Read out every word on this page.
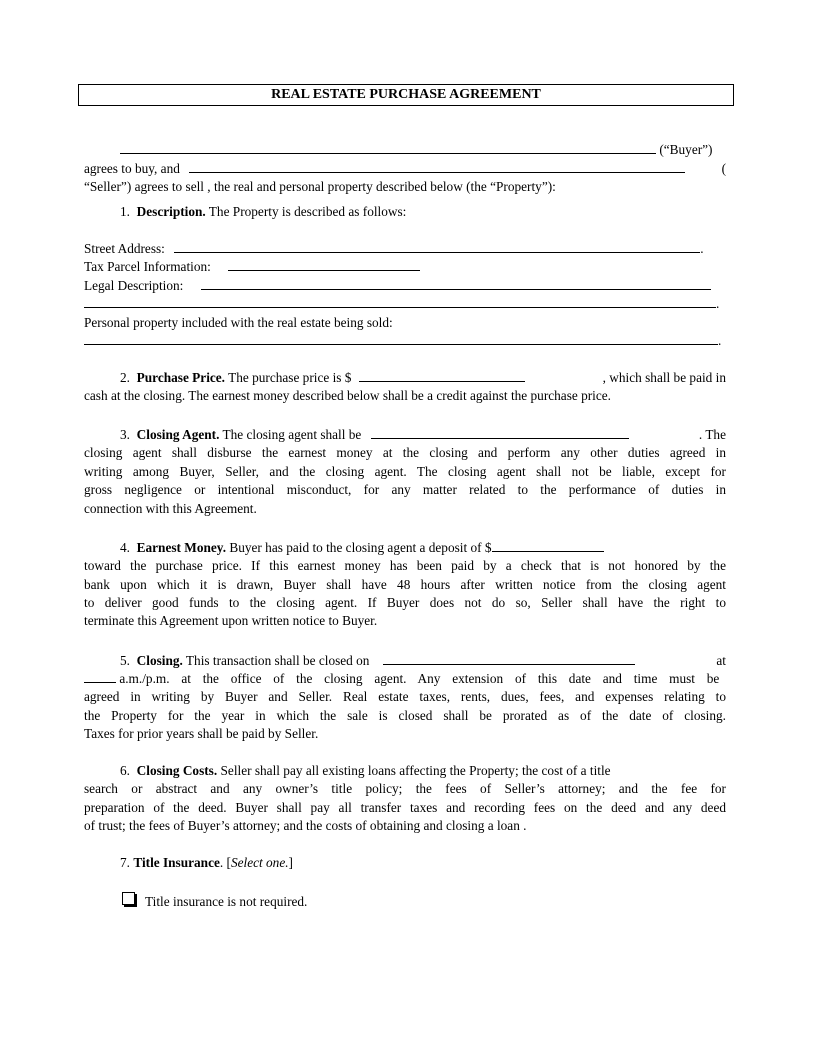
REAL ESTATE PURCHASE AGREEMENT
(“Buyer”)
agrees to buy, and	(
“Seller”) agrees to sell , the real and personal property described below (the “Property”):
1. Description. The Property is described as follows:
Street Address:	.
Tax Parcel Information:
Legal Description:
.
Personal property included with the real estate being sold:
.
2. Purchase Price. The purchase price is $	, which shall be paid in
cash at the closing. The earnest money described below shall be a credit against the purchase price.
3. Closing Agent. The closing agent shall be	. The
closing agent shall disburse the earnest money at the closing and perform any other duties agreed in
writing among Buyer, Seller, and the closing agent. The closing agent shall not be liable, except for
gross negligence or intentional misconduct, for any matter related to the performance of duties in
connection with this Agreement.
4. Earnest Money. Buyer has paid to the closing agent a deposit of $
toward the purchase price. If this earnest money has been paid by a check that is not honored by the
bank upon which it is drawn, Buyer shall have 48 hours after written notice from the closing agent
to deliver good funds to the closing agent. If Buyer does not do so, Seller shall have the right to
terminate this Agreement upon written notice to Buyer.
5. Closing. This transaction shall be closed on	at
a.m./p.m. at the office of the closing agent. Any extension of this date and time must be
agreed in writing by Buyer and Seller. Real estate taxes, rents, dues, fees, and expenses relating to
the Property for the year in which the sale is closed shall be prorated as of the date of closing.
Taxes for prior years shall be paid by Seller.
6. Closing Costs. Seller shall pay all existing loans affecting the Property; the cost of a title
search or abstract and any owner’s title policy; the fees of Seller’s attorney; and the fee for
preparation of the deed. Buyer shall pay all transfer taxes and recording fees on the deed and any deed
of trust; the fees of Buyer’s attorney; and the costs of obtaining and closing a loan .
7. Title Insurance. [Select one.]
Title insurance is not required.
